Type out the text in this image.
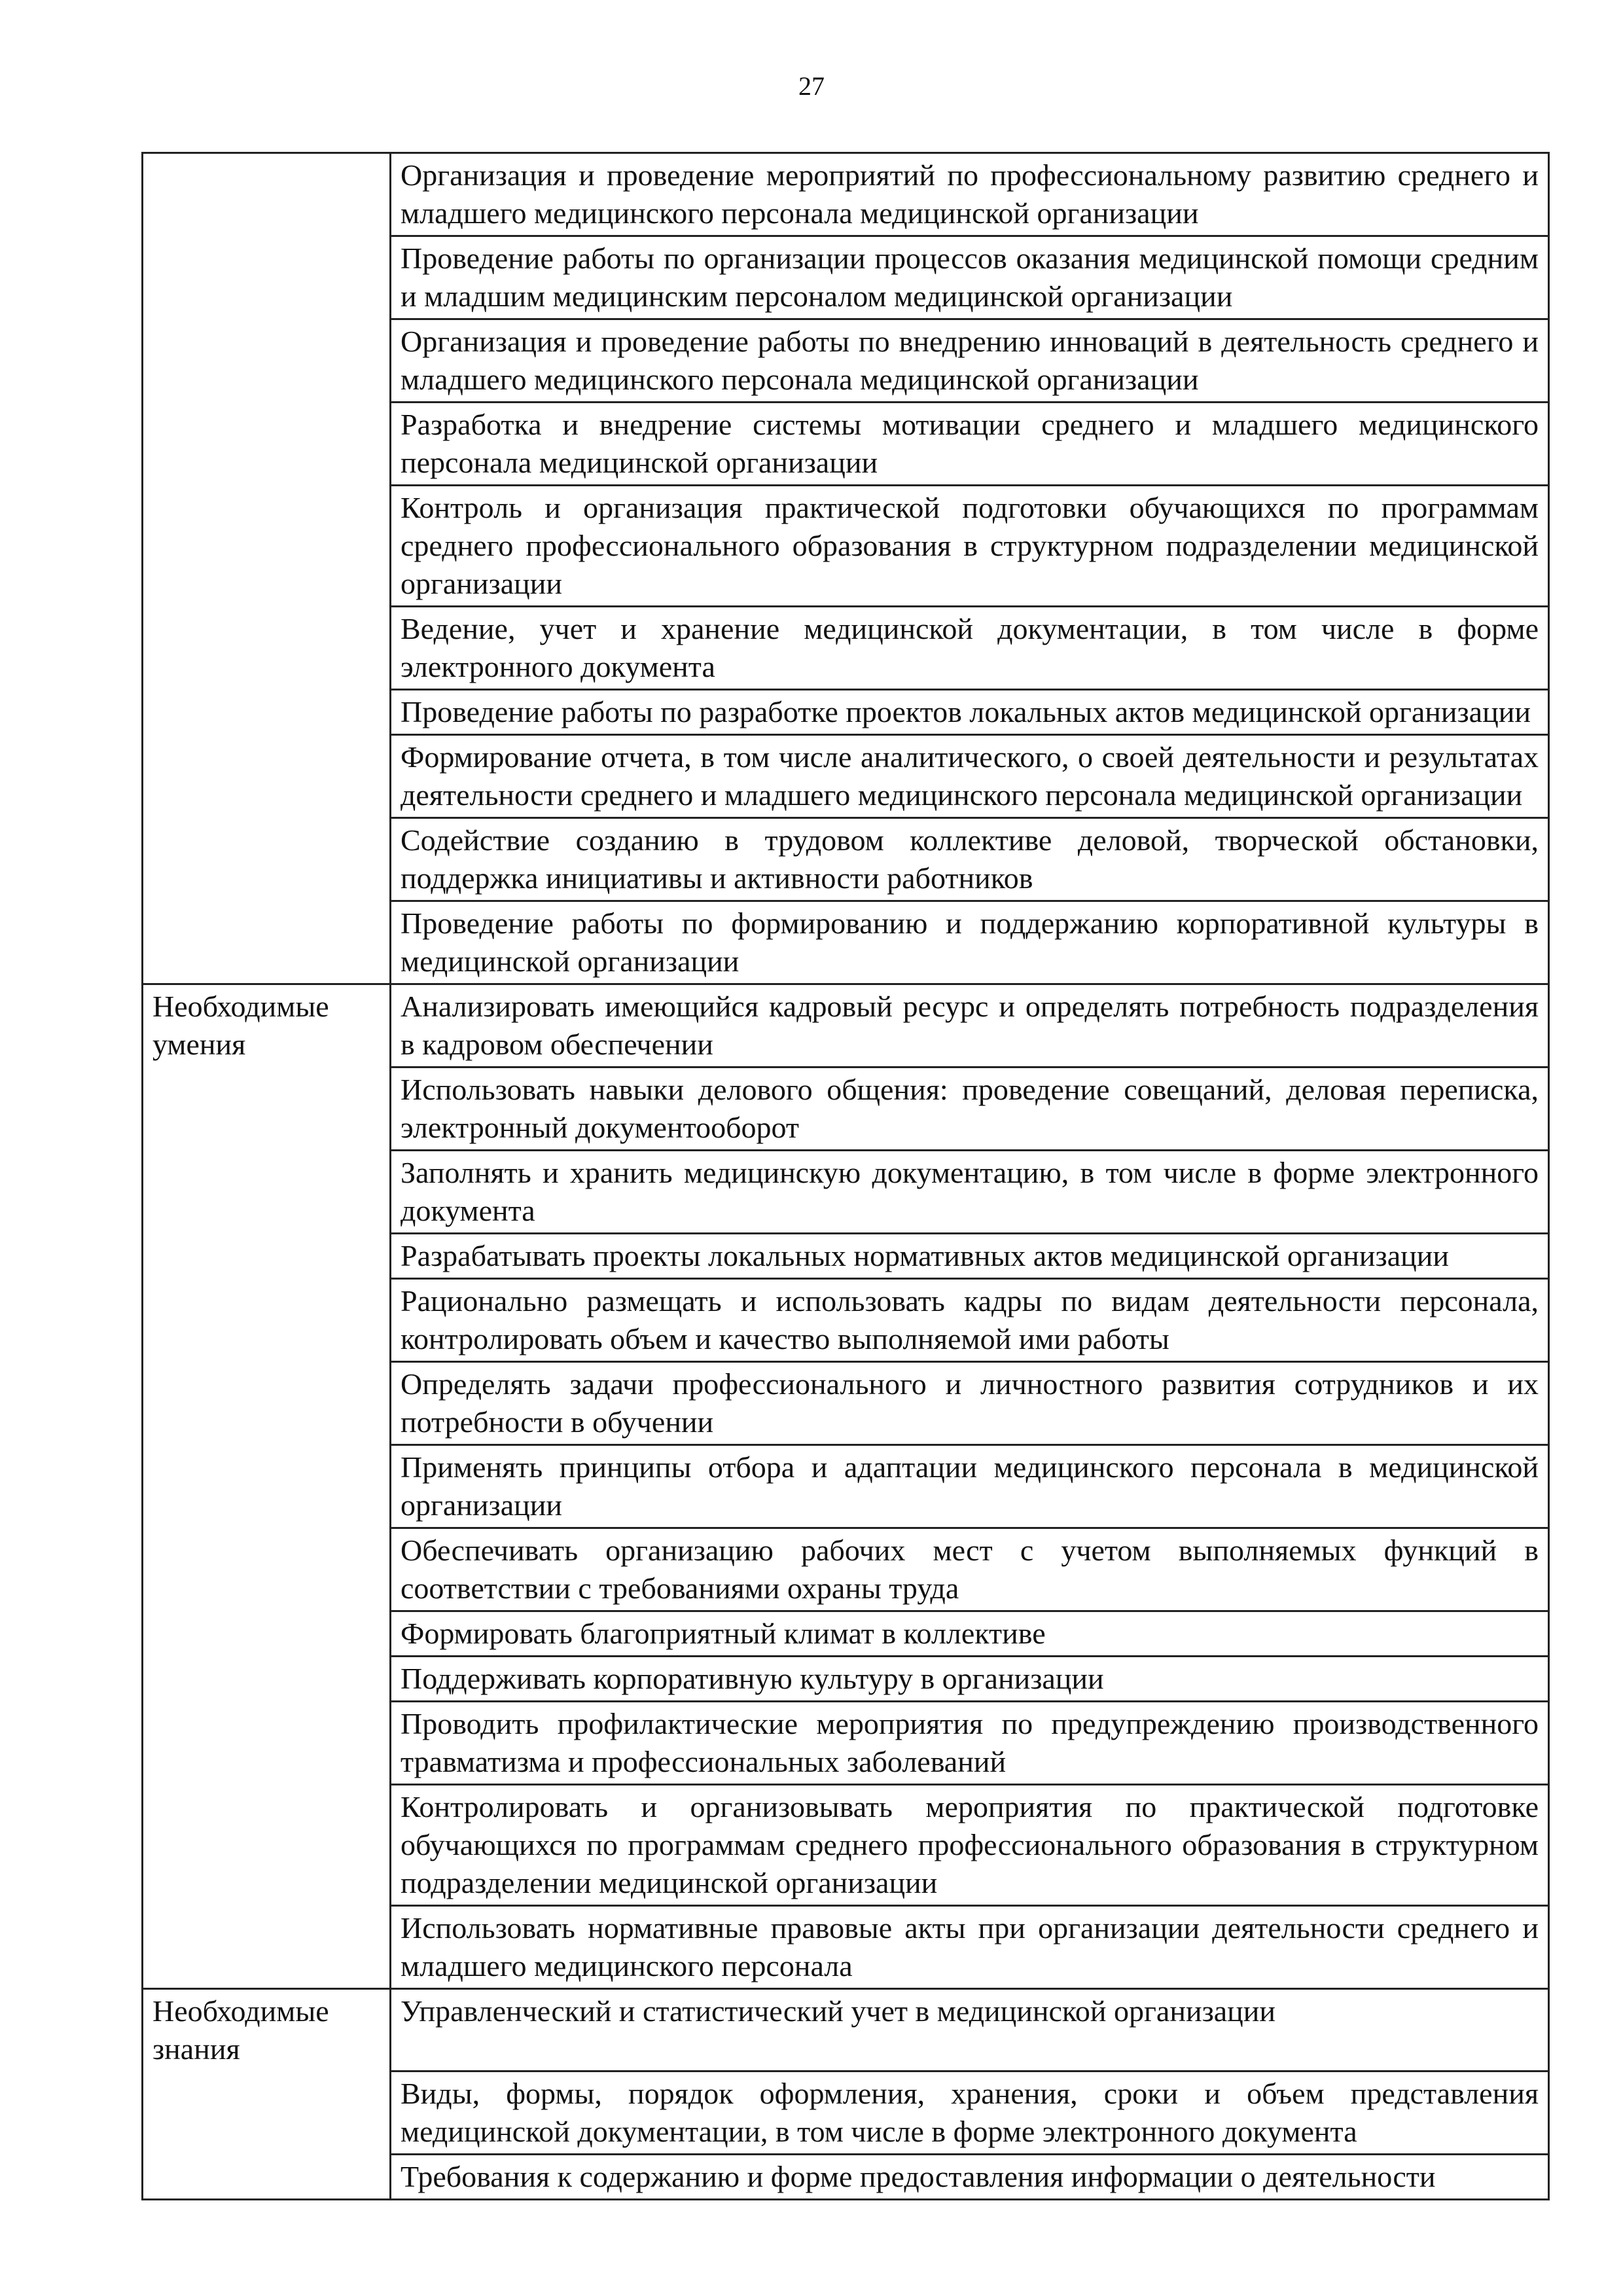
27
	Организация и проведение мероприятий по профессиональному развитию среднего и младшего медицинского персонала медицинской организации
	Проведение работы по организации процессов оказания медицинской помощи средним и младшим медицинским персоналом медицинской организации
	Организация и проведение работы по внедрению инноваций в деятельность среднего и младшего медицинского персонала медицинской организации
	Разработка и внедрение системы мотивации среднего и младшего медицинского персонала медицинской организации
	Контроль и организация практической подготовки обучающихся по программам среднего профессионального образования в структурном подразделении медицинской организации
	Ведение, учет и хранение медицинской документации, в том числе в форме электронного документа
	Проведение работы по разработке проектов локальных актов медицинской организации
	Формирование отчета, в том числе аналитического, о своей деятельности и результатах деятельности среднего и младшего медицинского персонала медицинской организации
	Содействие созданию в трудовом коллективе деловой, творческой обстановки, поддержка инициативы и активности работников
	Проведение работы по формированию и поддержанию корпоративной культуры в медицинской организации

Необходимые умения	Анализировать имеющийся кадровый ресурс и определять потребность подразделения в кадровом обеспечении
	Использовать навыки делового общения: проведение совещаний, деловая переписка, электронный документооборот
	Заполнять и хранить медицинскую документацию, в том числе в форме электронного документа
	Разрабатывать проекты локальных нормативных актов медицинской организации
	Рационально размещать и использовать кадры по видам деятельности персонала, контролировать объем и качество выполняемой ими работы
	Определять задачи профессионального и личностного развития сотрудников и их потребности в обучении
	Применять принципы отбора и адаптации медицинского персонала в медицинской организации
	Обеспечивать организацию рабочих мест с учетом выполняемых функций в соответствии с требованиями охраны труда
	Формировать благоприятный климат в коллективе
	Поддерживать корпоративную культуру в организации
	Проводить профилактические мероприятия по предупреждению производственного травматизма и профессиональных заболеваний
	Контролировать и организовывать мероприятия по практической подготовке обучающихся по программам среднего профессионального образования в структурном подразделении медицинской организации
	Использовать нормативные правовые акты при организации деятельности среднего и младшего медицинского персонала

Необходимые знания	Управленческий и статистический учет в медицинской организации
	Виды, формы, порядок оформления, хранения, сроки и объем представления медицинской документации, в том числе в форме электронного документа
	Требования к содержанию и форме предоставления информации о деятельности
